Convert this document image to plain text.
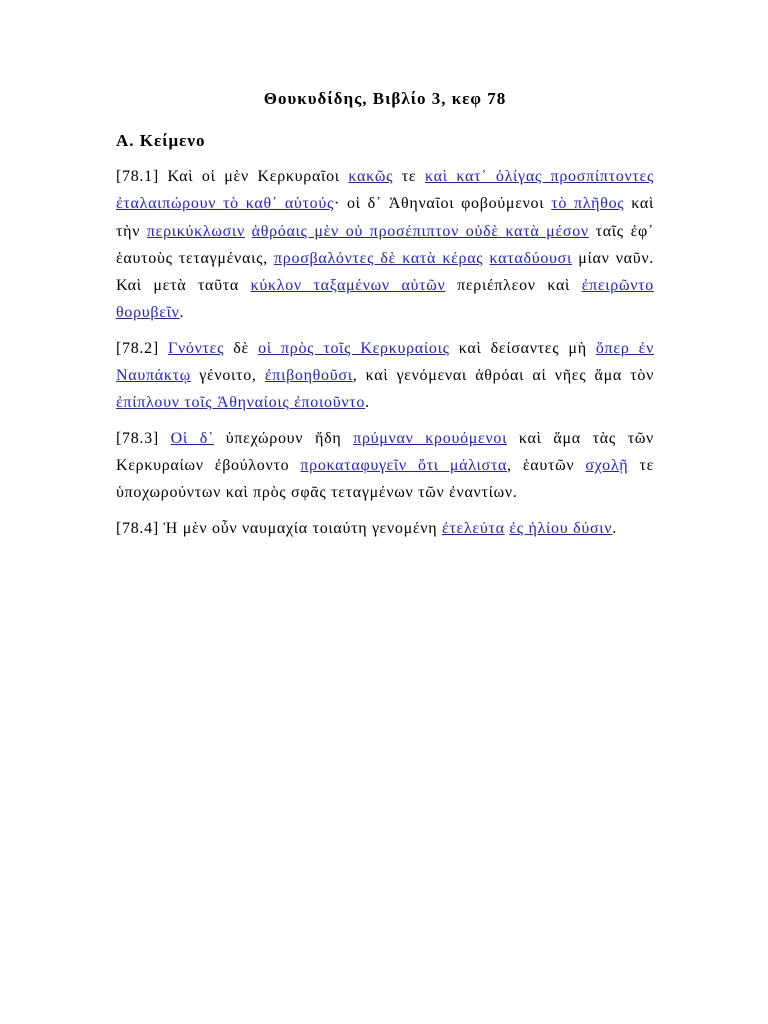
Θουκυδίδης, Βιβλίο 3, κεφ 78
Α. Κείμενο

[78.1] Καὶ οἱ μὲν Κερκυραῖοι κακῶς τε καὶ κατ᾽ ὀλίγας προσπίπτοντες ἐταλαιπώρουν τὸ καθ᾽ αὑτούς· οἱ δ᾽ Ἀθηναῖοι φοβούμενοι τὸ πλῆθος καὶ τὴν περικύκλωσιν ἁθρόαις μὲν οὐ προσέπιπτον οὐδὲ κατὰ μέσον ταῖς ἐφ᾽ ἑαυτοὺς τεταγμέναις, προσβαλόντες δὲ κατὰ κέρας καταδύουσι μίαν ναῦν. Καὶ μετὰ ταῦτα κύκλον ταξαμένων αὐτῶν περιέπλεον καὶ ἐπειρῶντο θορυβεῖν.

[78.2] Γνόντες δὲ οἱ πρὸς τοῖς Κερκυραίοις καὶ δείσαντες μὴ ὅπερ ἐν Ναυπάκτῳ γένοιτο, ἐπιβοηθοῦσι, καὶ γενόμεναι ἁθρόαι αἱ νῆες ἅμα τὸν ἐπίπλουν τοῖς Ἀθηναίοις ἐποιοῦντο.

[78.3] Οἱ δ᾽ ὑπεχώρουν ἤδη πρύμναν κρουόμενοι καὶ ἅμα τὰς τῶν Κερκυραίων ἐβούλοντο προκαταφυγεῖν ὅτι μάλιστα, ἑαυτῶν σχολῇ τε ὑποχωρούντων καὶ πρὸς σφᾶς τεταγμένων τῶν ἐναντίων.

[78.4] Ἡ μὲν οὖν ναυμαχία τοιαύτη γενομένη ἐτελεύτα ἐς ἡλίου δύσιν.
